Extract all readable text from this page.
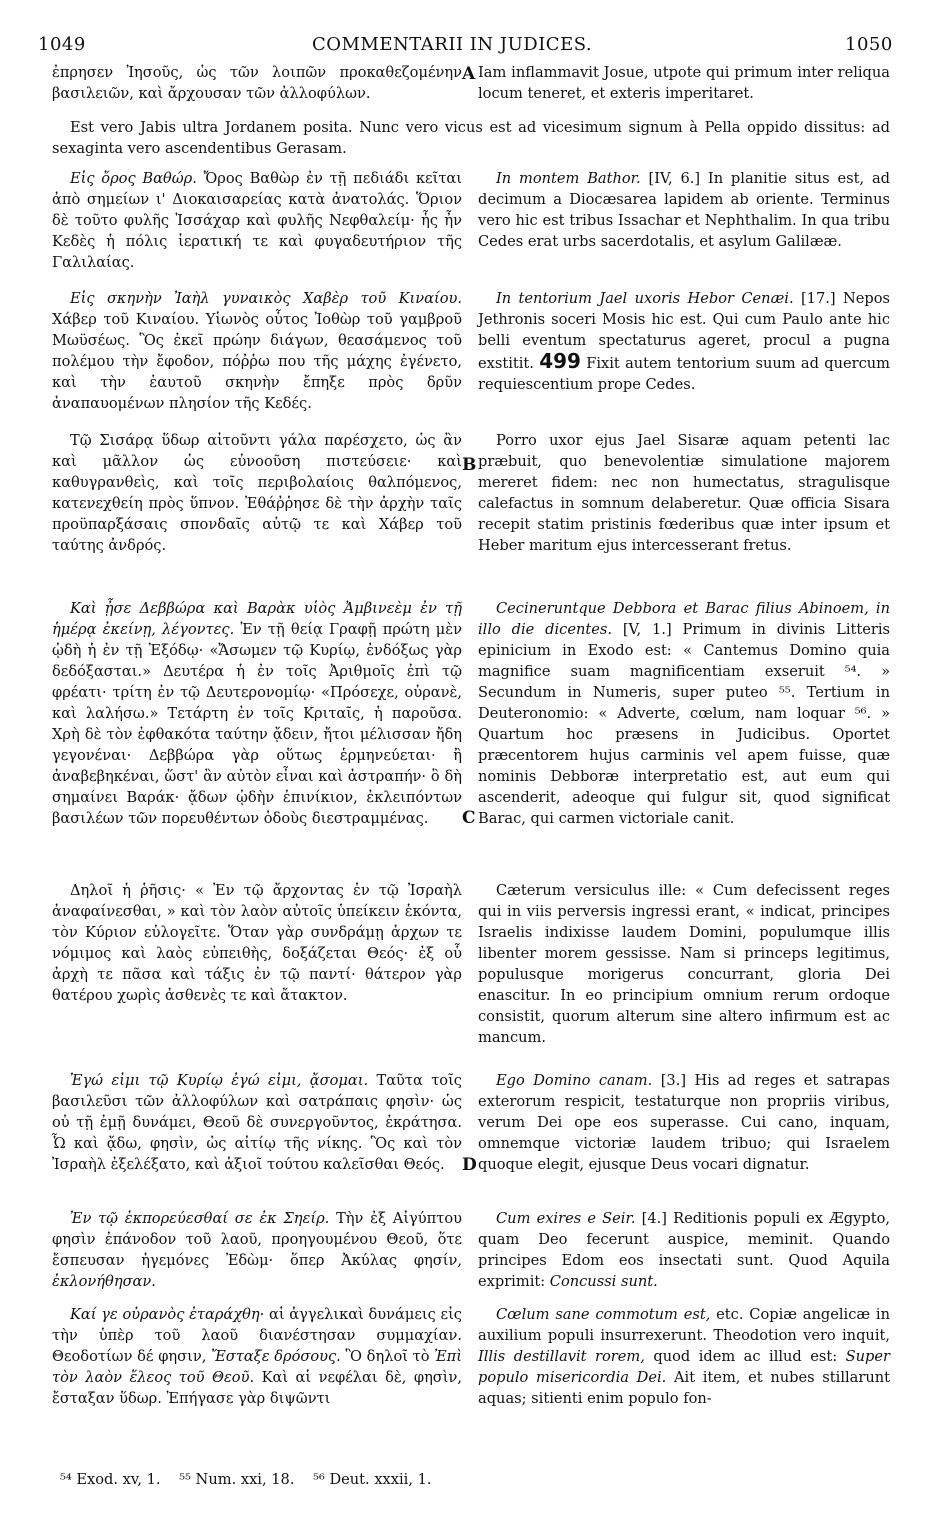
1049	COMMENTARII IN JUDICES.	1050
A
B
C
D

ἐπρησεν Ἰησοῦς, ὡς τῶν λοιπῶν προκαθεζομένην βασιλειῶν, καὶ ἄρχουσαν τῶν ἀλλοφύλων.

Iam inflammavit Josue, utpote qui primum inter reliqua locum teneret, et exteris imperitaret.

Est vero Jabis ultra Jordanem posita. Nunc vero vicus est ad vicesimum signum à Pella oppido dissitus: ad sexaginta vero ascendentibus Gerasam.

Εἰς ὄρος Βαθώρ. Ὄρος Βαθὼρ ἐν τῇ πεδιάδι κεῖται ἀπὸ σημείων ι' Διοκαισαρείας κατὰ ἀνατολάς. Ὅριον δὲ τοῦτο φυλῆς Ἰσσάχαρ καὶ φυλῆς Νεφθαλείμ· ἧς ἦν Κεδὲς ἡ πόλις ἱερατική τε καὶ φυγαδευτήριον τῆς Γαλιλαίας.

In montem Bathor. [IV, 6.] In planitie situs est, ad decimum a Diocæsarea lapidem ab oriente. Terminus vero hic est tribus Issachar et Nephthalim. In qua tribu Cedes erat urbs sacerdotalis, et asylum Galilææ.

Εἰς σκηνὴν Ἰαὴλ γυναικὸς Χαβὲρ τοῦ Κιναίου. Χάβερ τοῦ Κιναίου. Υἱωνὸς οὗτος Ἰοθὼρ τοῦ γαμβροῦ Μωϋσέως. Ὃς ἐκεῖ πρώην διάγων, θεασάμενος τοῦ πολέμου τὴν ἔφοδον, πόῤῥω που τῆς μάχης ἐγένετο, καὶ τὴν ἑαυτοῦ σκηνὴν ἔπηξε πρὸς δρῦν ἀναπαυομένων πλησίον τῆς Κεδές.

In tentorium Jael uxoris Hebor Cenæi. [17.] Nepos Jethronis soceri Mosis hic est. Qui cum Paulo ante hic belli eventum spectaturus ageret, procul a pugna exstitit. 499 Fixit autem tentorium suum ad quercum requiescentium prope Cedes.

Τῷ Σισάρᾳ ὕδωρ αἰτοῦντι γάλα παρέσχετο, ὡς ἂν καὶ μᾶλλον ὡς εὐνοοῦση πιστεύσειε· καὶ καθυγρανθεὶς, καὶ τοῖς περιβολαίοις θαλπόμενος, κατενεχθείη πρὸς ὕπνον. Ἐθάῤῥησε δὲ τὴν ἀρχὴν ταῖς προϋπαρξάσαις σπονδαῖς αὐτῷ τε καὶ Χάβερ τοῦ ταύτης ἀνδρός.

Porro uxor ejus Jael Sisaræ aquam petenti lac præbuit, quo benevolentiæ simulatione majorem mereret fidem: nec non humectatus, stragulisque calefactus in somnum delaberetur. Quæ officia Sisara recepit statim pristinis fœderibus quæ inter ipsum et Heber maritum ejus intercesserant fretus.

Καὶ ᾖσε Δεββώρα καὶ Βαρὰκ υἱὸς Ἀμβινεὲμ ἐν τῇ ἡμέρᾳ ἐκείνῃ, λέγοντες. Ἐν τῇ θείᾳ Γραφῇ πρώτη μὲν ᾠδὴ ἡ ἐν τῇ Ἐξόδῳ· «Ἄσωμεν τῷ Κυρίῳ, ἐνδόξως γὰρ δεδόξασται.» Δευτέρα ἡ ἐν τοῖς Ἀριθμοῖς ἐπὶ τῷ φρέατι· τρίτη ἐν τῷ Δευτερονομίῳ· «Πρόσεχε, οὐρανὲ, καὶ λαλήσω.» Τετάρτη ἐν τοῖς Κριταῖς, ἡ παροῦσα. Χρὴ δὲ τὸν ἐφθακότα ταύτην ᾄδειν, ἤτοι μέλισσαν ἤδη γεγονέναι· Δεββώρα γὰρ οὕτως ἑρμηνεύεται· ἢ ἀναβεβηκέναι, ὥστ' ἂν αὐτὸν εἶναι καὶ ἀστραπήν· ὃ δὴ σημαίνει Βαράκ· ᾄδων ᾠδὴν ἐπινίκιον, ἐκλειπόντων βασιλέων τῶν πορευθέντων ὁδοὺς διεστραμμένας.

Cecineruntque Debbora et Barac filius Abinoem, in illo die dicentes. [V, 1.] Primum in divinis Litteris epinicium in Exodo est: « Cantemus Domino quia magnifice suam magnificentiam exseruit ⁵⁴. » Secundum in Numeris, super puteo ⁵⁵. Tertium in Deuteronomio: « Adverte, cœlum, nam loquar ⁵⁶. » Quartum hoc præsens in Judicibus. Oportet præcentorem hujus carminis vel apem fuisse, quæ nominis Debboræ interpretatio est, aut eum qui ascenderit, adeoque qui fulgur sit, quod significat Barac, qui carmen victoriale canit.

Δηλοῖ ἡ ῥῆσις· « Ἐν τῷ ἄρχοντας ἐν τῷ Ἰσραὴλ ἀναφαίνεσθαι, » καὶ τὸν λαὸν αὐτοῖς ὑπείκειν ἑκόντα, τὸν Κύριον εὐλογεῖτε. Ὅταν γὰρ συνδράμῃ ἀρχων τε νόμιμος καὶ λαὸς εὐπειθὴς, δοξάζεται Θεός· ἐξ οὗ ἀρχὴ τε πᾶσα καὶ τάξις ἐν τῷ παντί· θάτερον γὰρ θατέρου χωρὶς ἀσθενὲς τε καὶ ἄτακτον.

Cæterum versiculus ille: « Cum defecissent reges qui in viis perversis ingressi erant, « indicat, principes Israelis indixisse laudem Domini, populumque illis libenter morem gessisse. Nam si princeps legitimus, populusque morigerus concurrant, gloria Dei enascitur. In eo principium omnium rerum ordoque consistit, quorum alterum sine altero infirmum est ac mancum.

Ἐγώ εἰμι τῷ Κυρίῳ ἐγώ εἰμι, ᾄσομαι. Ταῦτα τοῖς βασιλεῦσι τῶν ἀλλοφύλων καὶ σατράπαις φησὶν· ὡς οὐ τῇ ἐμῇ δυνάμει, Θεοῦ δὲ συνεργοῦντος, ἐκράτησα. Ὦ καὶ ᾄδω, φησὶν, ὡς αἰτίῳ τῆς νίκης. Ὃς καὶ τὸν Ἰσραὴλ ἐξελέξατο, καὶ ἀξιοῖ τούτου καλεῖσθαι Θεός.

Ego Domino canam. [3.] His ad reges et satrapas exterorum respicit, testaturque non propriis viribus, verum Dei ope eos superasse. Cui cano, inquam, omnemque victoriæ laudem tribuo; qui Israelem quoque elegit, ejusque Deus vocari dignatur.

Ἐν τῷ ἐκπορεύεσθαί σε ἐκ Σηείρ. Τὴν ἐξ Αἰγύπτου φησὶν ἐπάνοδον τοῦ λαοῦ, προηγουμένου Θεοῦ, ὅτε ἔσπευσαν ἡγεμόνες Ἐδὼμ· ὅπερ Ἀκύλας φησίν, ἐκλονήθησαν.

Cum exires e Seir. [4.] Reditionis populi ex Ægypto, quam Deo fecerunt auspice, meminit. Quando principes Edom eos insectati sunt. Quod Aquila exprimit: Concussi sunt.

Καί γε οὐρανὸς ἐταράχθη· αἱ ἀγγελικαὶ δυνάμεις εἰς τὴν ὑπὲρ τοῦ λαοῦ διανέστησαν συμμαχίαν. Θεοδοτίων δέ φησιν, Ἔσταξε δρόσους. Ὃ δηλοῖ τὸ Ἐπὶ τὸν λαὸν ἔλεος τοῦ Θεοῦ. Καὶ αἱ νεφέλαι δὲ, φησὶν, ἔσταξαν ὕδωρ. Ἐπήγασε γὰρ διψῶντι

Cœlum sane commotum est, etc. Copiæ angelicæ in auxilium populi insurrexerunt. Theodotion vero inquit, Illis destillavit rorem, quod idem ac illud est: Super populo misericordia Dei. Ait item, et nubes stillarunt aquas; sitienti enim populo fon-

⁵⁴ Exod. xv, 1. ⁵⁵ Num. xxi, 18. ⁵⁶ Deut. xxxii, 1.
